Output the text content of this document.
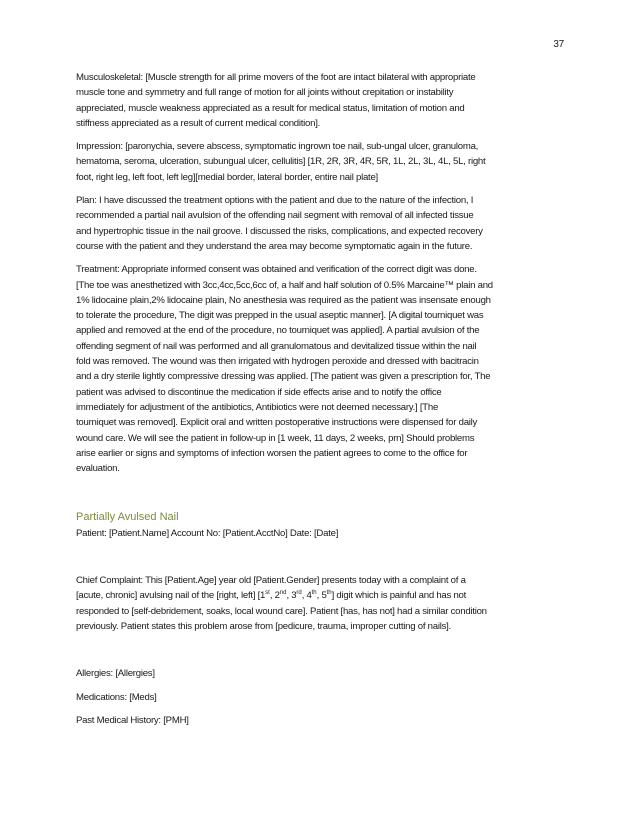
37

Musculoskeletal: [Muscle strength for all prime movers of the foot are intact bilateral with appropriate
muscle tone and symmetry and full range of motion for all joints without crepitation or instability
appreciated, muscle weakness appreciated as a result for medical status, limitation of motion and
stiffness appreciated as a result of current medical condition].

Impression: [paronychia, severe abscess, symptomatic ingrown toe nail, sub-ungal ulcer, granuloma,
hematoma, seroma, ulceration, subungual ulcer, cellulitis] [1R, 2R, 3R, 4R, 5R, 1L, 2L, 3L, 4L, 5L, right
foot, right leg, left foot, left leg][medial border, lateral border, entire nail plate]

Plan: I have discussed the treatment options with the patient and due to the nature of the infection, I
recommended a partial nail avulsion of the offending nail segment with removal of all infected tissue
and hypertrophic tissue in the nail groove. I discussed the risks, complications, and expected recovery
course with the patient and they understand the area may become symptomatic again in the future.

Treatment: Appropriate informed consent was obtained and verification of the correct digit was done.
[The toe was anesthetized with 3cc,4cc,5cc,6cc of, a half and half solution of 0.5% Marcaine™ plain and
1% lidocaine plain,2% lidocaine plain, No anesthesia was required as the patient was insensate enough
to tolerate the procedure, The digit was prepped in the usual aseptic manner]. [A digital tourniquet was
applied and removed at the end of the procedure, no tourniquet was applied]. A partial avulsion of the
offending segment of nail was performed and all granulomatous and devitalized tissue within the nail
fold was removed. The wound was then irrigated with hydrogen peroxide and dressed with bacitracin
and a dry sterile lightly compressive dressing was applied. [The patient was given a prescription for, The
patient was advised to discontinue the medication if side effects arise and to notify the office
immediately for adjustment of the antibiotics, Antibiotics were not deemed necessary.] [The
tourniquet was removed]. Explicit oral and written postoperative instructions were dispensed for daily
wound care. We will see the patient in follow-up in [1 week, 11 days, 2 weeks, prn] Should problems
arise earlier or signs and symptoms of infection worsen the patient agrees to come to the office for
evaluation.

Partially Avulsed Nail

Patient: [Patient.Name] Account No: [Patient.AcctNo] Date: [Date]

Chief Complaint: This [Patient.Age] year old [Patient.Gender] presents today with a complaint of a
[acute, chronic] avulsing nail of the [right, left] [1st, 2nd, 3rd, 4th, 5th] digit which is painful and has not
responded to [self-debridement, soaks, local wound care]. Patient [has, has not] had a similar condition
previously. Patient states this problem arose from [pedicure, trauma, improper cutting of nails].

Allergies: [Allergies]

Medications: [Meds]

Past Medical History: [PMH]
